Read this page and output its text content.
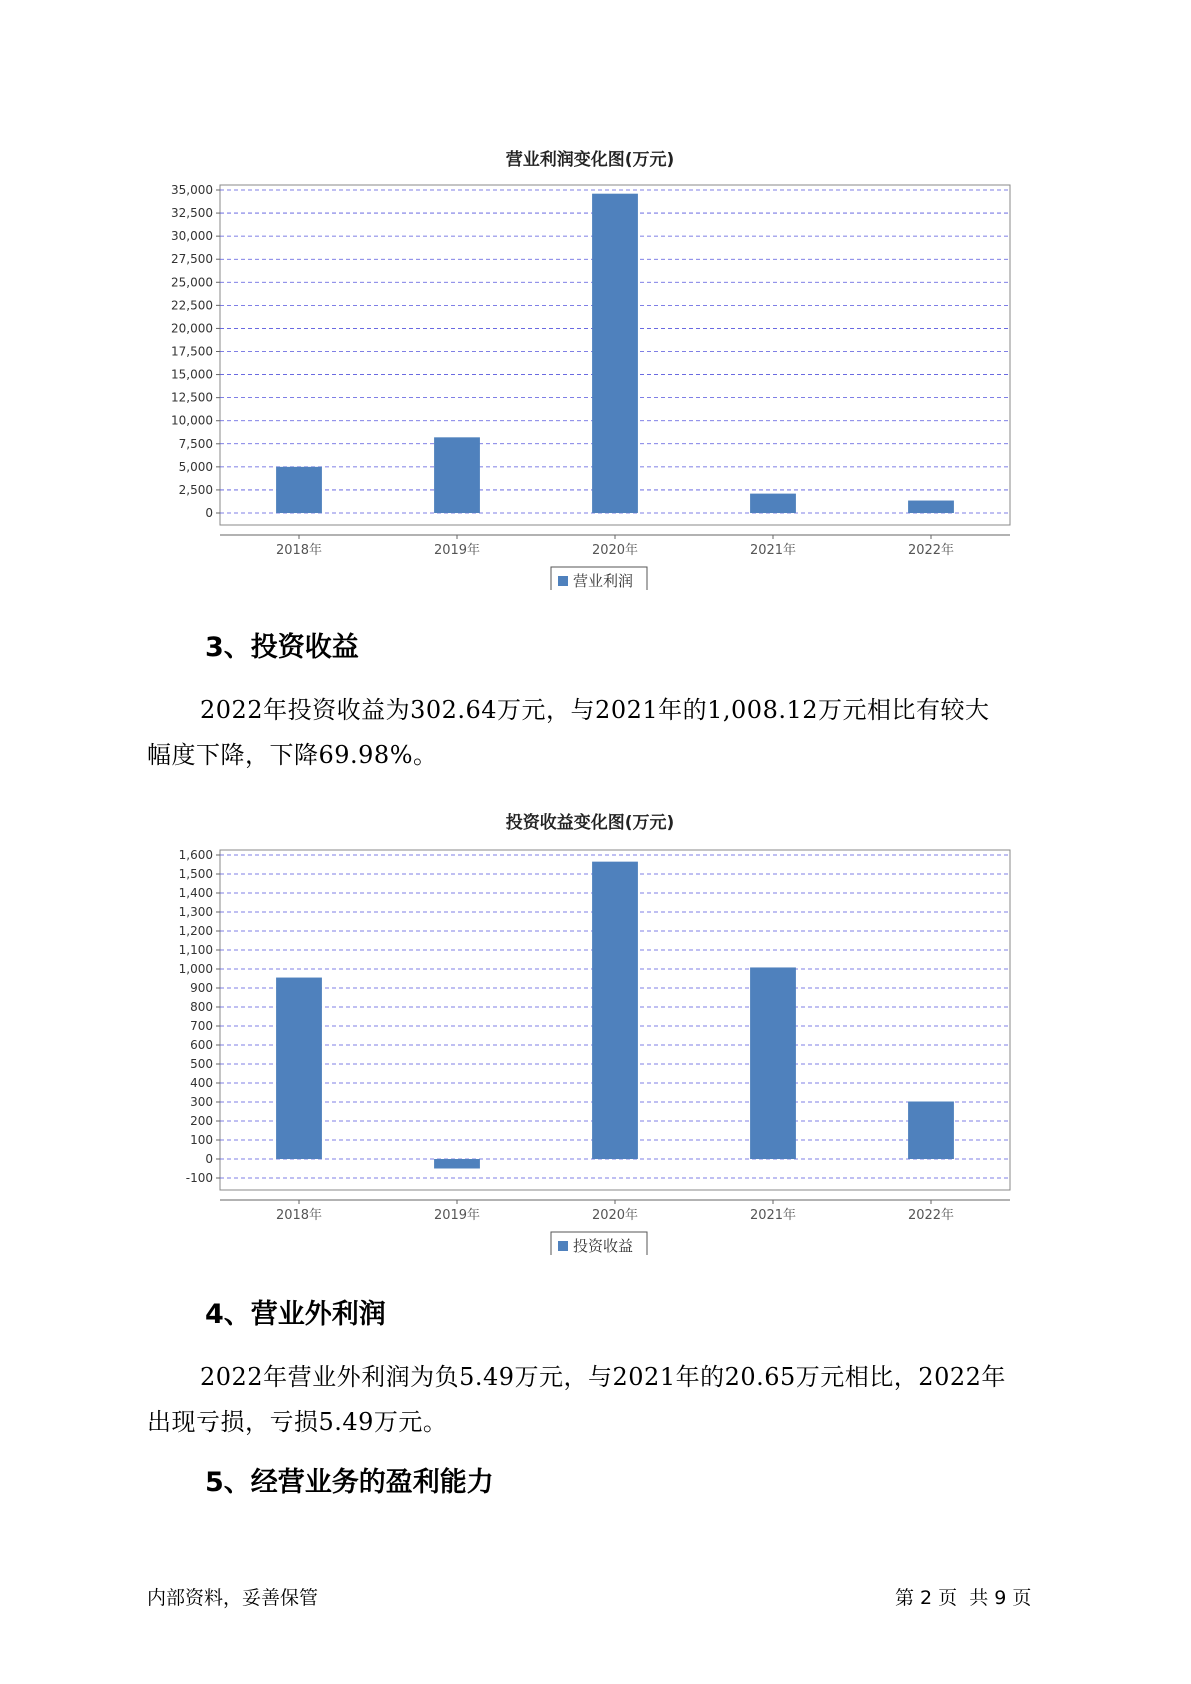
营业利润变化图(万元)
0
2,500
5,000
7,500
10,000
12,500
15,000
17,500
20,000
22,500
25,000
27,500
30,000
32,500
35,000
2018年	2019年	2020年	2021年	2022年
营业利润
3、投资收益
2022年投资收益为302.64万元，与2021年的1,008.12万元相比有较大
幅度下降，下降69.98%。
投资收益变化图(万元)
-100
0
100
200
300
400
500
600
700
800
900
1,000
1,100
1,200
1,300
1,400
1,500
1,600
2018年	2019年	2020年	2021年	2022年
投资收益
4、营业外利润
2022年营业外利润为负5.49万元，与2021年的20.65万元相比，2022年
出现亏损，亏损5.49万元。
5、经营业务的盈利能力
内部资料，妥善保管	第 2 页  共 9 页
